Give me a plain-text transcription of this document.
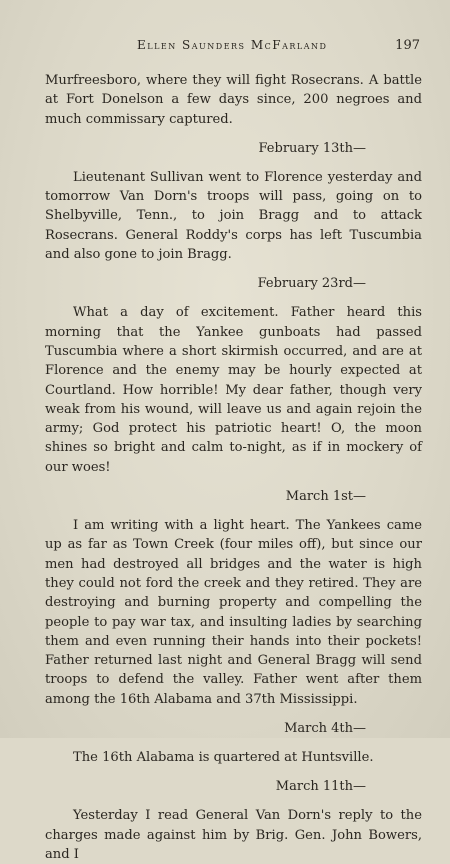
Ellen Saunders McFarland	197

Murfreesboro, where they will fight Rosecrans. A battle at Fort Donelson a few days since, 200 negroes and much commissary captured.

February 13th—

Lieutenant Sullivan went to Florence yesterday and tomorrow Van Dorn's troops will pass, going on to Shelbyville, Tenn., to join Bragg and to attack Rosecrans. General Roddy's corps has left Tuscumbia and also gone to join Bragg.

February 23rd—

What a day of excitement. Father heard this morning that the Yankee gunboats had passed Tuscumbia where a short skirmish occurred, and are at Florence and the enemy may be hourly expected at Courtland. How horrible! My dear father, though very weak from his wound, will leave us and again rejoin the army; God protect his patriotic heart! O, the moon shines so bright and calm to-night, as if in mockery of our woes!

March 1st—

I am writing with a light heart. The Yankees came up as far as Town Creek (four miles off), but since our men had destroyed all bridges and the water is high they could not ford the creek and they retired. They are destroying and burning property and compelling the people to pay war tax, and insulting ladies by searching them and even running their hands into their pockets! Father returned last night and General Bragg will send troops to defend the valley. Father went after them among the 16th Alabama and 37th Mississippi.

March 4th—

The 16th Alabama is quartered at Huntsville.

March 11th—

Yesterday I read General Van Dorn's reply to the charges made against him by Brig. Gen. John Bowers, and I
